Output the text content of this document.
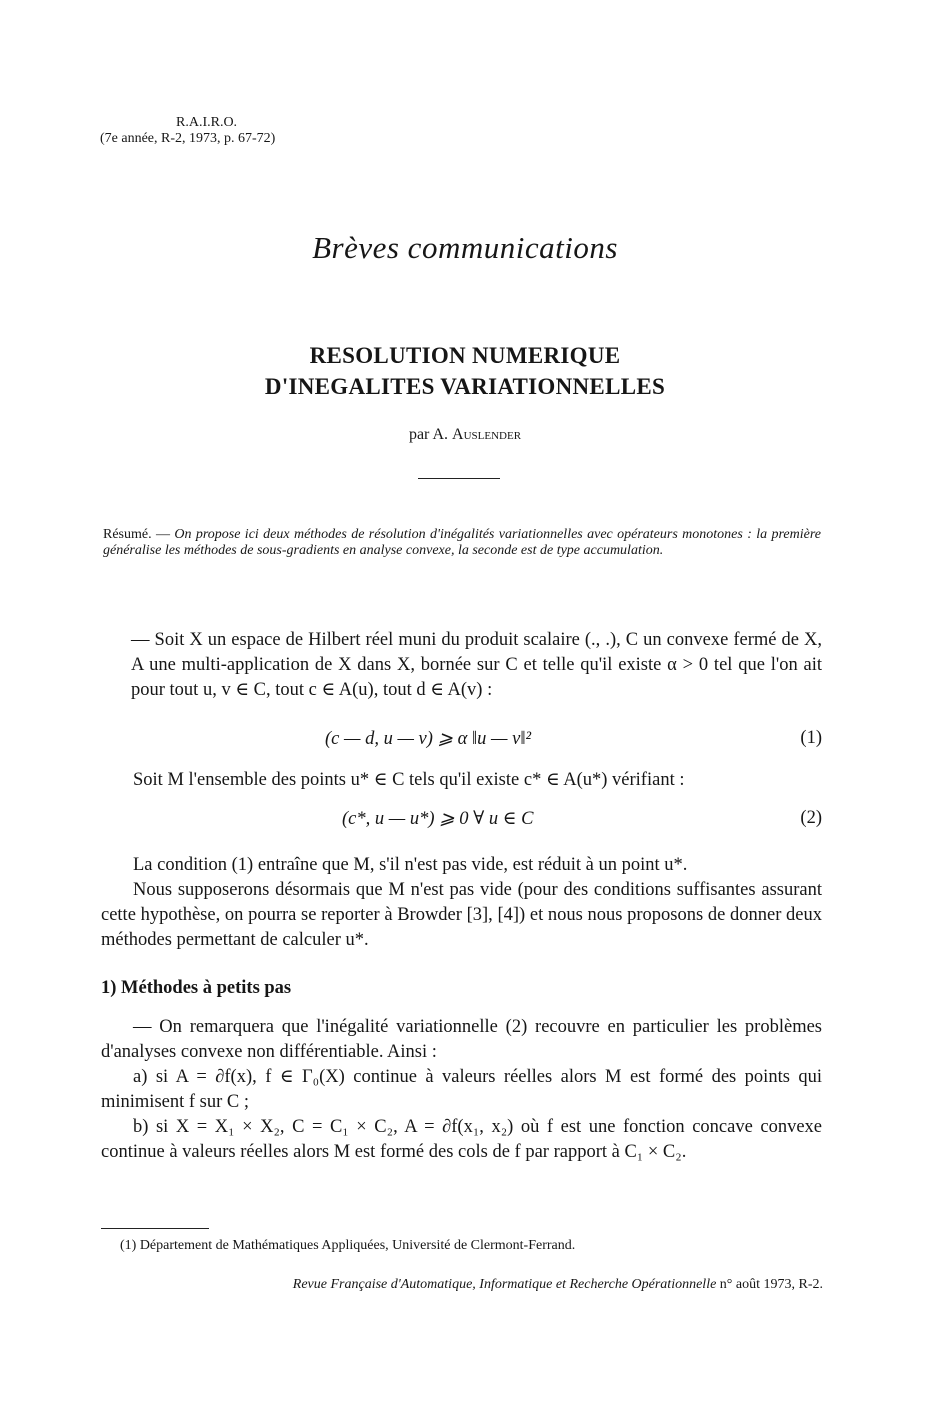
R.A.I.R.O.
(7e année, R-2, 1973, p. 67-72)
Brèves communications
RESOLUTION NUMERIQUE
D'INEGALITES VARIATIONNELLES
par A. Auslender
Résumé. — On propose ici deux méthodes de résolution d'inégalités variationnelles avec opérateurs monotones : la première généralise les méthodes de sous-gradients en analyse convexe, la seconde est de type accumulation.
— Soit X un espace de Hilbert réel muni du produit scalaire (., .), C un convexe fermé de X, A une multi-application de X dans X, bornée sur C et telle qu'il existe α > 0 tel que l'on ait pour tout u, v ∈ C, tout c ∈ A(u), tout d ∈ A(v) :
(c — d, u — v) ⩾ α ‖u — v‖²	(1)
Soit M l'ensemble des points u* ∈ C tels qu'il existe c* ∈ A(u*) vérifiant :
(c*, u — u*) ⩾ 0 ∀ u ∈ C	(2)
La condition (1) entraîne que M, s'il n'est pas vide, est réduit à un point u*.
Nous supposerons désormais que M n'est pas vide (pour des conditions suffisantes assurant cette hypothèse, on pourra se reporter à Browder [3], [4]) et nous nous proposons de donner deux méthodes permettant de calculer u*.
1) Méthodes à petits pas
— On remarquera que l'inégalité variationnelle (2) recouvre en particulier les problèmes d'analyses convexe non différentiable. Ainsi :
a) si A = ∂f(x), f ∈ Γ₀(X) continue à valeurs réelles alors M est formé des points qui minimisent f sur C ;
b) si X = X₁ × X₂, C = C₁ × C₂, A = ∂f(x₁, x₂) où f est une fonction concave convexe continue à valeurs réelles alors M est formé des cols de f par rapport à C₁ × C₂.
(1) Département de Mathématiques Appliquées, Université de Clermont-Ferrand.
Revue Française d'Automatique, Informatique et Recherche Opérationnelle n° août 1973, R-2.
